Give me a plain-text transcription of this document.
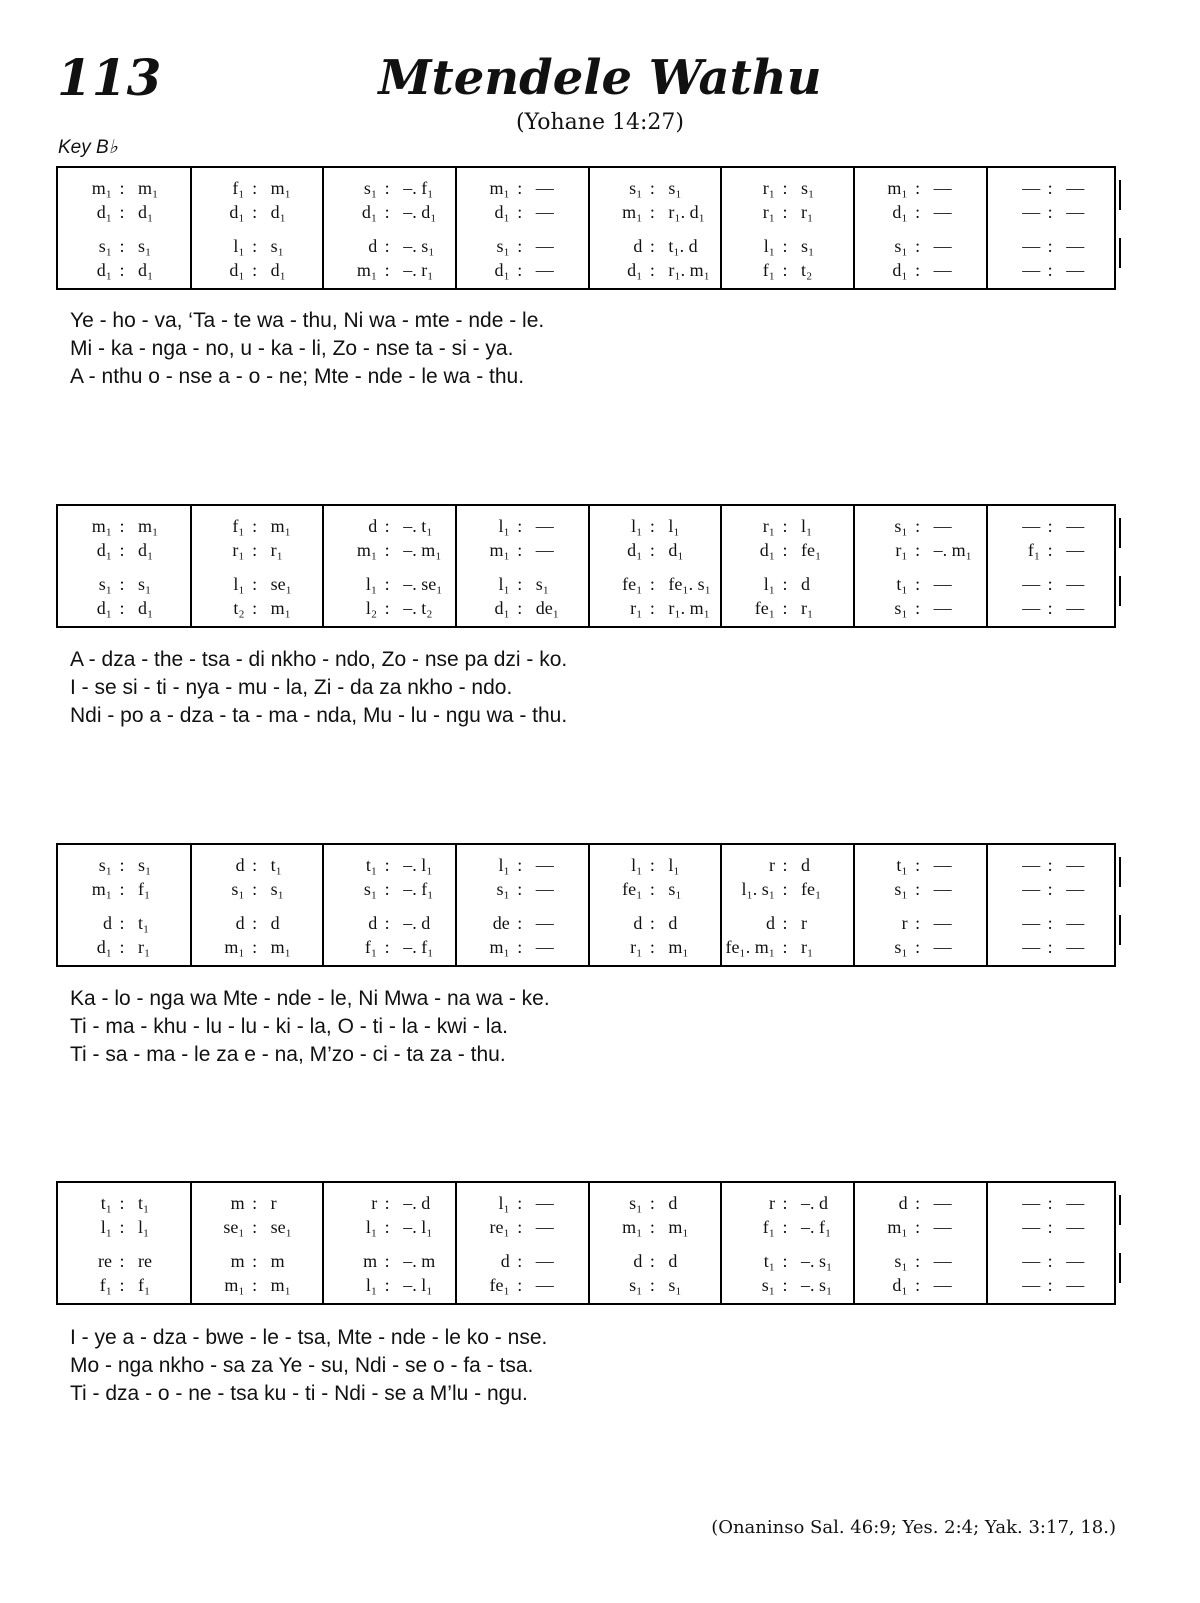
113	Mtendele Wathu
(Yohane 14:27)
Key B♭
m₁ : m₁	f₁ : m₁	s₁ : –. f₁	m₁ : —	s₁ : s₁	r₁ : s₁	m₁ : —	— : —
d₁ : d₁	d₁ : d₁	d₁ : –. d₁	d₁ : —	m₁ : r₁. d₁	r₁ : r₁	d₁ : —	— : —
s₁ : s₁	l₁ : s₁	d : –. s₁	s₁ : —	d : t₁. d	l₁ : s₁	s₁ : —	— : —
d₁ : d₁	d₁ : d₁	m₁ : –. r₁	d₁ : —	d₁ : r₁. m₁	f₁ : t₂	d₁ : —	— : —
Ye - ho - va, ‘Ta - te wa - thu, Ni wa - mte - nde - le.
Mi - ka - nga - no, u - ka - li, Zo - nse ta - si - ya.
A - nthu o - nse a - o - ne; Mte - nde - le wa - thu.
m₁ : m₁	f₁ : m₁	d : –. t₁	l₁ : —	l₁ : l₁	r₁ : l₁	s₁ : —	— : —
d₁ : d₁	r₁ : r₁	m₁ : –. m₁	m₁ : —	d₁ : d₁	d₁ : fe₁	r₁ : –. m₁	f₁ : —
s₁ : s₁	l₁ : se₁	l₁ : –. se₁	l₁ : s₁	fe₁ : fe₁. s₁	l₁ : d	t₁ : —	— : —
d₁ : d₁	t₂ : m₁	l₂ : –. t₂	d₁ : de₁	r₁ : r₁. m₁	fe₁ : r₁	s₁ : —	— : —
A - dza - the - tsa - di nkho - ndo, Zo - nse pa dzi - ko.
I - se si - ti - nya - mu - la, Zi - da za nkho - ndo.
Ndi - po a - dza - ta - ma - nda, Mu - lu - ngu wa - thu.
s₁ : s₁	d : t₁	t₁ : –. l₁	l₁ : —	l₁ : l₁	r : d	t₁ : —	— : —
m₁ : f₁	s₁ : s₁	s₁ : –. f₁	s₁ : —	fe₁ : s₁	l₁. s₁ : fe₁	s₁ : —	— : —
d : t₁	d : d	d : –. d	de : —	d : d	d : r	r : —	— : —
d₁ : r₁	m₁ : m₁	f₁ : –. f₁	m₁ : —	r₁ : m₁	fe₁. m₁ : r₁	s₁ : —	— : —
Ka - lo - nga wa Mte - nde - le, Ni Mwa - na wa - ke.
Ti - ma - khu - lu - lu - ki - la, O - ti - la - kwi - la.
Ti - sa - ma - le za e - na, M’zo - ci - ta za - thu.
t₁ : t₁	m : r	r : –. d	l₁ : —	s₁ : d	r : –. d	d : —	— : —
l₁ : l₁	se₁ : se₁	l₁ : –. l₁	re₁ : —	m₁ : m₁	f₁ : –. f₁	m₁ : —	— : —
re : re	m : m	m : –. m	d : —	d : d	t₁ : –. s₁	s₁ : —	— : —
f₁ : f₁	m₁ : m₁	l₁ : –. l₁	fe₁ : —	s₁ : s₁	s₁ : –. s₁	d₁ : —	— : —
I - ye a - dza - bwe - le - tsa, Mte - nde - le ko - nse.
Mo - nga nkho - sa za Ye - su, Ndi - se o - fa - tsa.
Ti - dza - o - ne - tsa ku - ti - Ndi - se a M’lu - ngu.
(Onaninso Sal. 46:9; Yes. 2:4; Yak. 3:17, 18.)
